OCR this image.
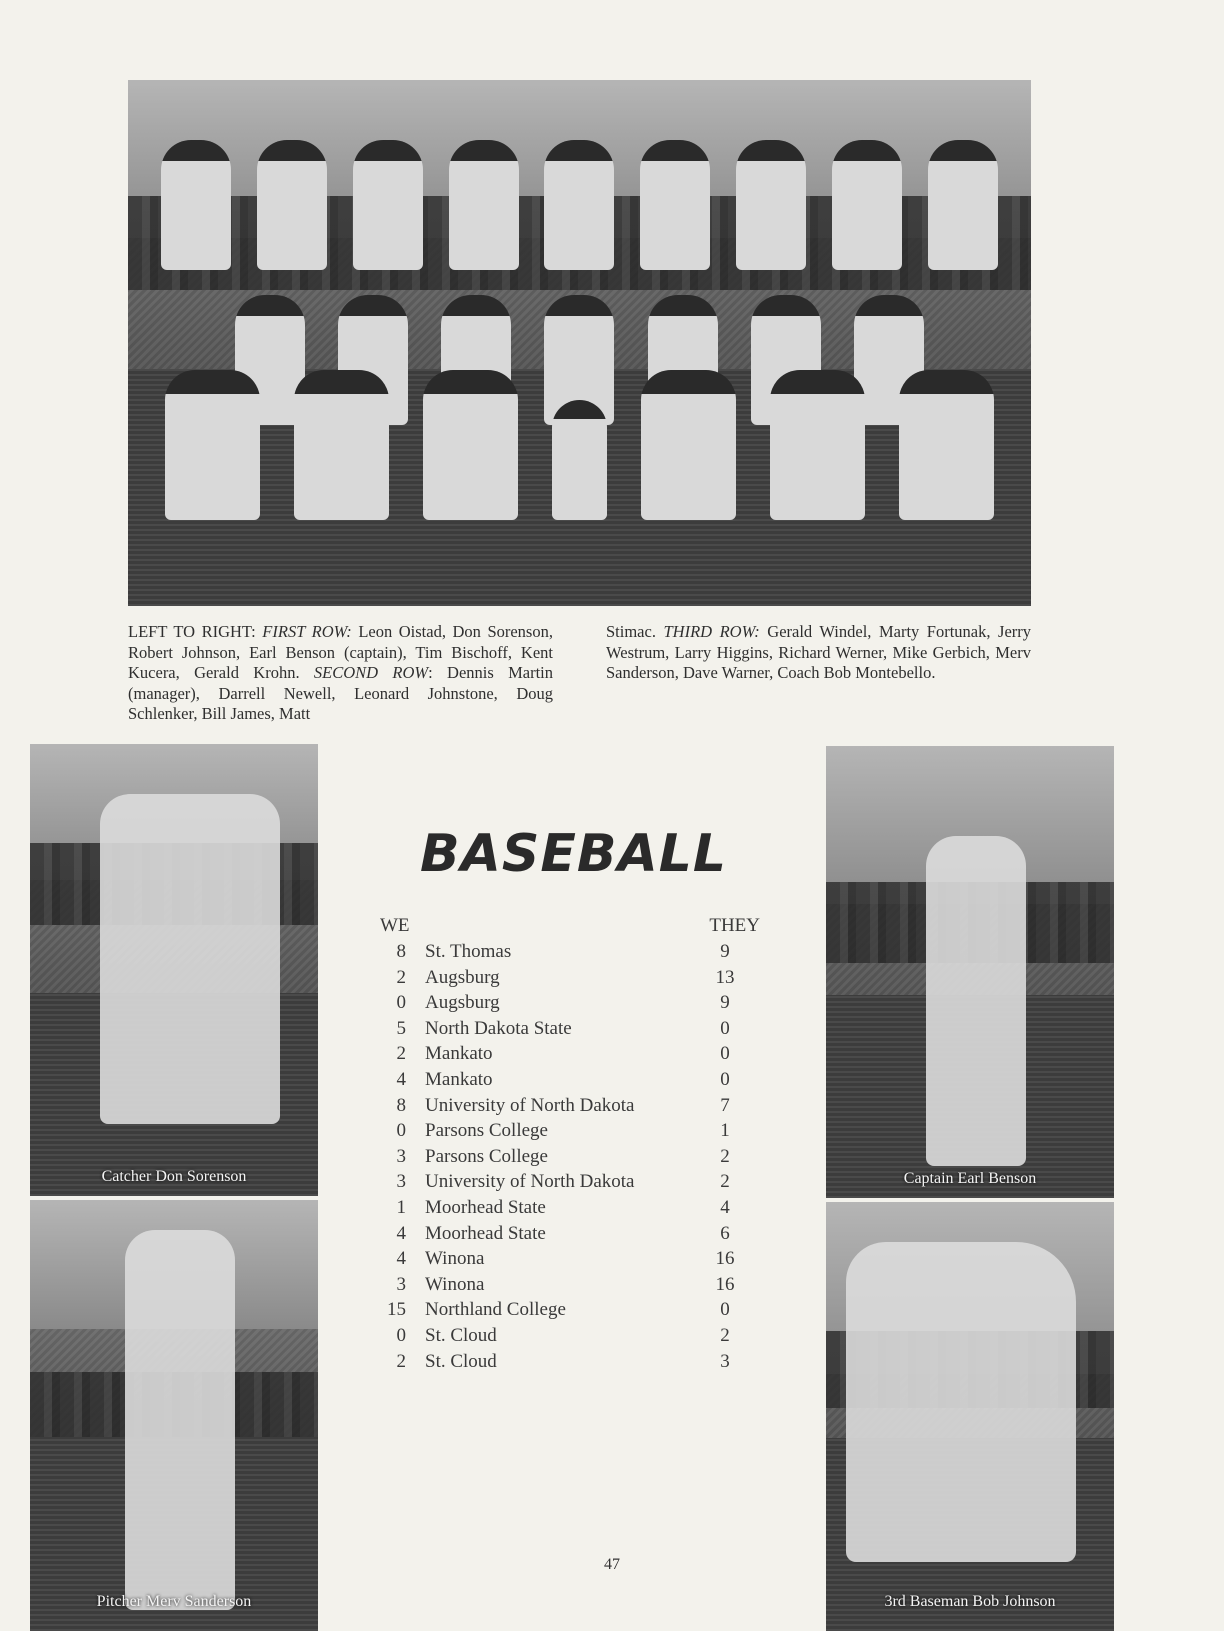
LEFT TO RIGHT: FIRST ROW: Leon Oistad, Don Sorenson, Robert Johnson, Earl Benson (captain), Tim Bischoff, Kent Kucera, Gerald Krohn. SECOND ROW: Dennis Martin (manager), Darrell Newell, Leonard Johnstone, Doug Schlenker, Bill James, Matt
Stimac. THIRD ROW: Gerald Windel, Marty Fortunak, Jerry Westrum, Larry Higgins, Richard Werner, Mike Gerbich, Merv Sanderson, Dave Warner, Coach Bob Montebello.
Catcher Don Sorenson
Pitcher Merv Sanderson
Captain Earl Benson
3rd Baseman Bob Johnson
BASEBALL
WE	THEY
8 St. Thomas	9
2 Augsburg	13
0 Augsburg	9
5 North Dakota State	0
2 Mankato	0
4 Mankato	0
8 University of North Dakota	7
0 Parsons College	1
3 Parsons College	2
3 University of North Dakota	2
1 Moorhead State	4
4 Moorhead State	6
4 Winona	16
3 Winona	16
15 Northland College	0
0 St. Cloud	2
2 St. Cloud	3
47
